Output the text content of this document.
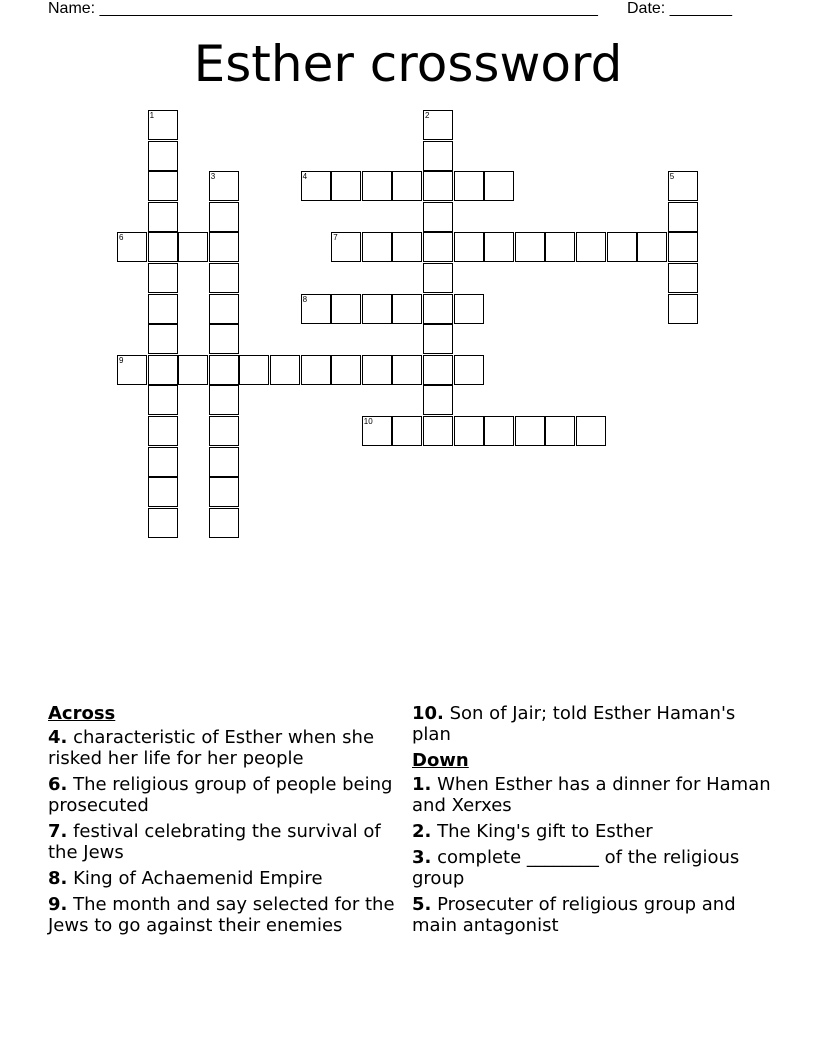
Name: ________________________________________________________ Date: _______
Esther crossword
1	2
3	4	5
6	7
8
9
10
Across
4. characteristic of Esther when she risked her life for her people
6. The religious group of people being prosecuted
7. festival celebrating the survival of the Jews
8. King of Achaemenid Empire
9. The month and say selected for the Jews to go against their enemies
10. Son of Jair; told Esther Haman's plan
Down
1. When Esther has a dinner for Haman and Xerxes
2. The King's gift to Esther
3. complete ________ of the religious group
5. Prosecuter of religious group and main antagonist
